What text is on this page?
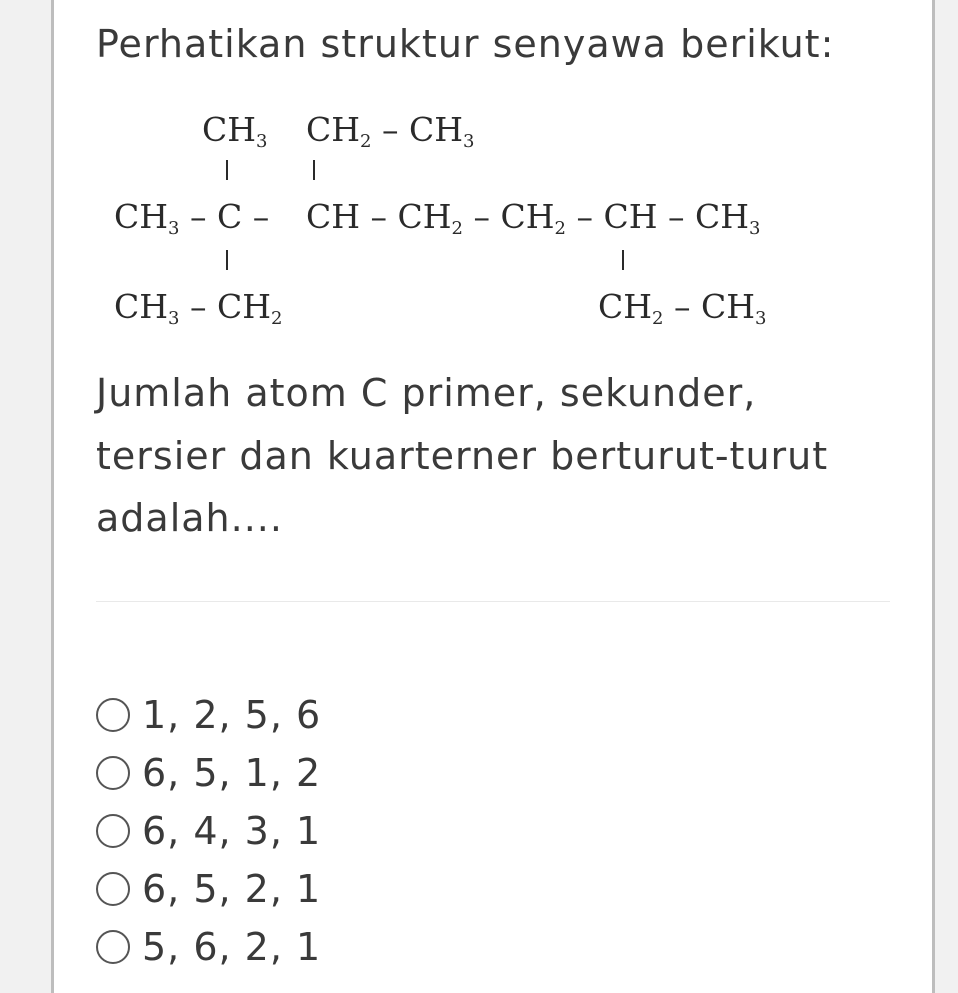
Perhatikan struktur senyawa berikut:
$CH_3$ $CH_2 - CH_3$
$CH_3$ – C – CH – $CH_2 - CH_2$ – CH – $CH_3$
$CH_3 - CH_2$	$CH_2 - CH_3$

Jumlah atom C primer, sekunder,

tersier dan kuarterner berturut-turut

adalah....

1, 2, 5, 6
6, 5, 1, 2
6, 4, 3, 1
6, 5, 2, 1
5, 6, 2, 1
